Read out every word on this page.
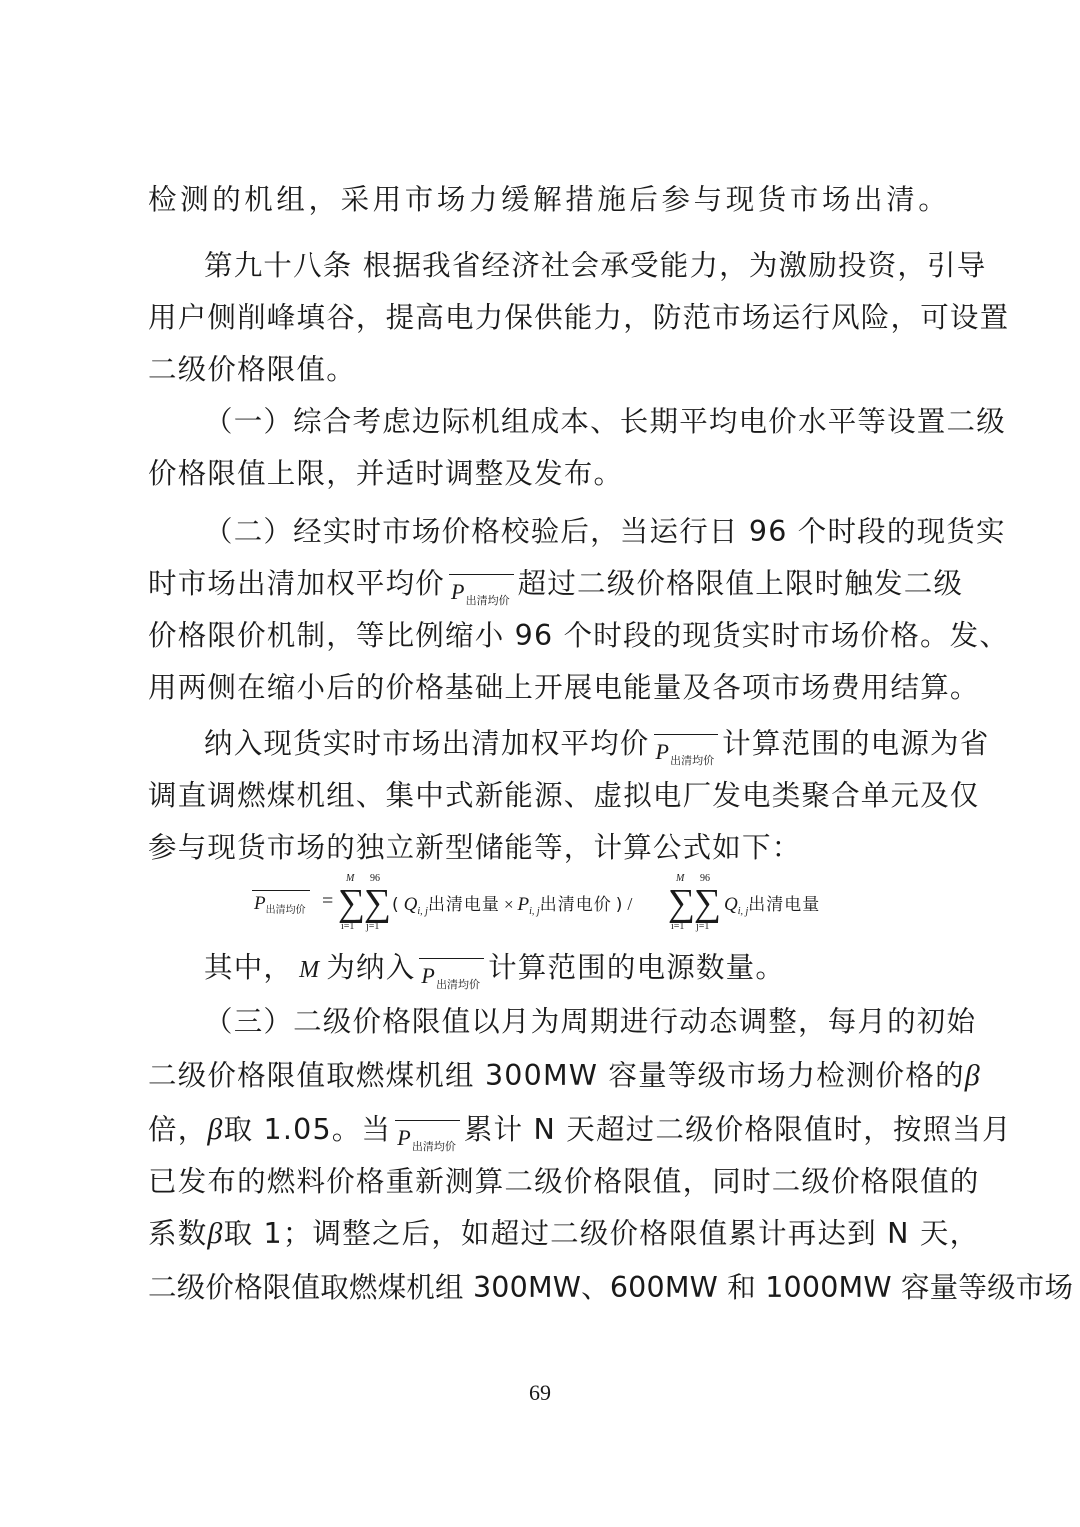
检测的机组，采用市场力缓解措施后参与现货市场出清。
第九十八条 根据我省经济社会承受能力，为激励投资，引导
用户侧削峰填谷，提高电力保供能力，防范市场运行风险，可设置
二级价格限值。
（一）综合考虑边际机组成本、长期平均电价水平等设置二级
价格限值上限，并适时调整及发布。
（二）经实时市场价格校验后，当运行日 96 个时段的现货实
时市场出清加权平均价 P出清均价超过二级价格限值上限时触发二级
价格限价机制，等比例缩小 96 个时段的现货实时市场价格。发、
用两侧在缩小后的价格基础上开展电能量及各项市场费用结算。
纳入现货实时市场出清加权平均价 P出清均价计算范围的电源为省
调直调燃煤机组、集中式新能源、虚拟电厂发电类聚合单元及仅
参与现货市场的独立新型储能等，计算公式如下：
$P_{出清均价}$ =
M
∑
i=1
96
∑
j=1
( $Q_{i, j}$出清电量 × $P_{i, j}$出清电价 ) /
M
∑
i=1
96
∑
j=1
$Q_{i, j}$出清电量
其中， M 为纳入 P出清均价计算范围的电源数量。
（三）二级价格限值以月为周期进行动态调整，每月的初始
二级价格限值取燃煤机组 300MW 容量等级市场力检测价格的β
倍，β取 1.05。当 P出清均价累计 N 天超过二级价格限值时，按照当月
已发布的燃料价格重新测算二级价格限值，同时二级价格限值的
系数β取 1；调整之后，如超过二级价格限值累计再达到 N 天，
二级价格限值取燃煤机组 300MW、600MW 和 1000MW 容量等级市场
69
